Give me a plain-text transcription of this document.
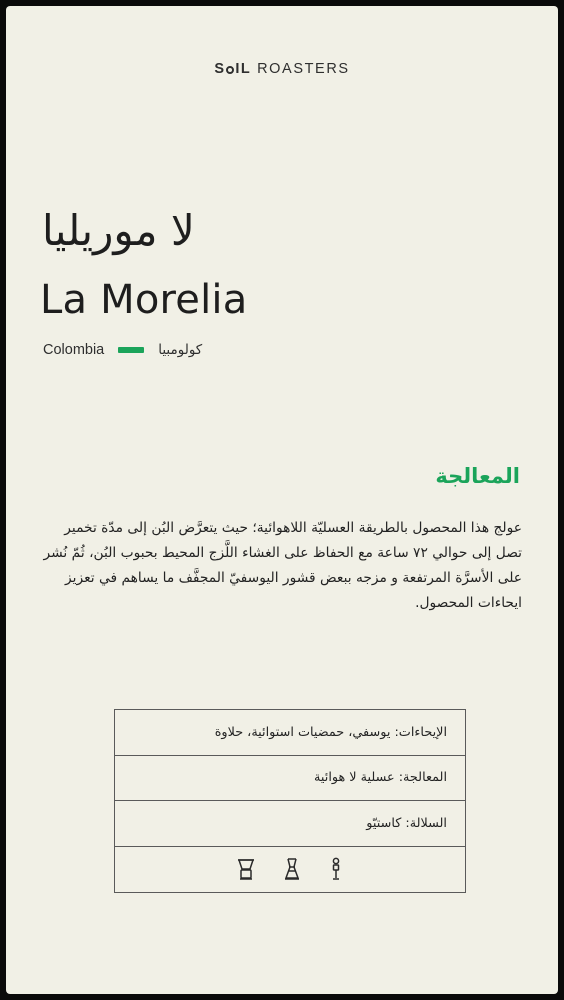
S IL ROASTERS
لا موريليا
La Morelia
Colombia	كولومبيا
المعالجة
عولج هذا المحصول بالطريقة العسليّة اللاهوائية؛ حيث يتعرَّض البُن إلى مدّة تخمير تصل إلى حوالي ٧٢ ساعة مع الحفاظ على الغشاء اللَّزج المحيط بحبوب البُن، ثُمّ نُشر على الأسرَّة المرتفعة و مزجه ببعض قشور اليوسفيّ المجفَّف ما يساهم في تعزيز ايحاءات المحصول.
الإيحاءات: يوسفي، حمضيات استوائية، حلاوة
المعالجة: عسلية لا هوائية
السلالة: كاستيّو
